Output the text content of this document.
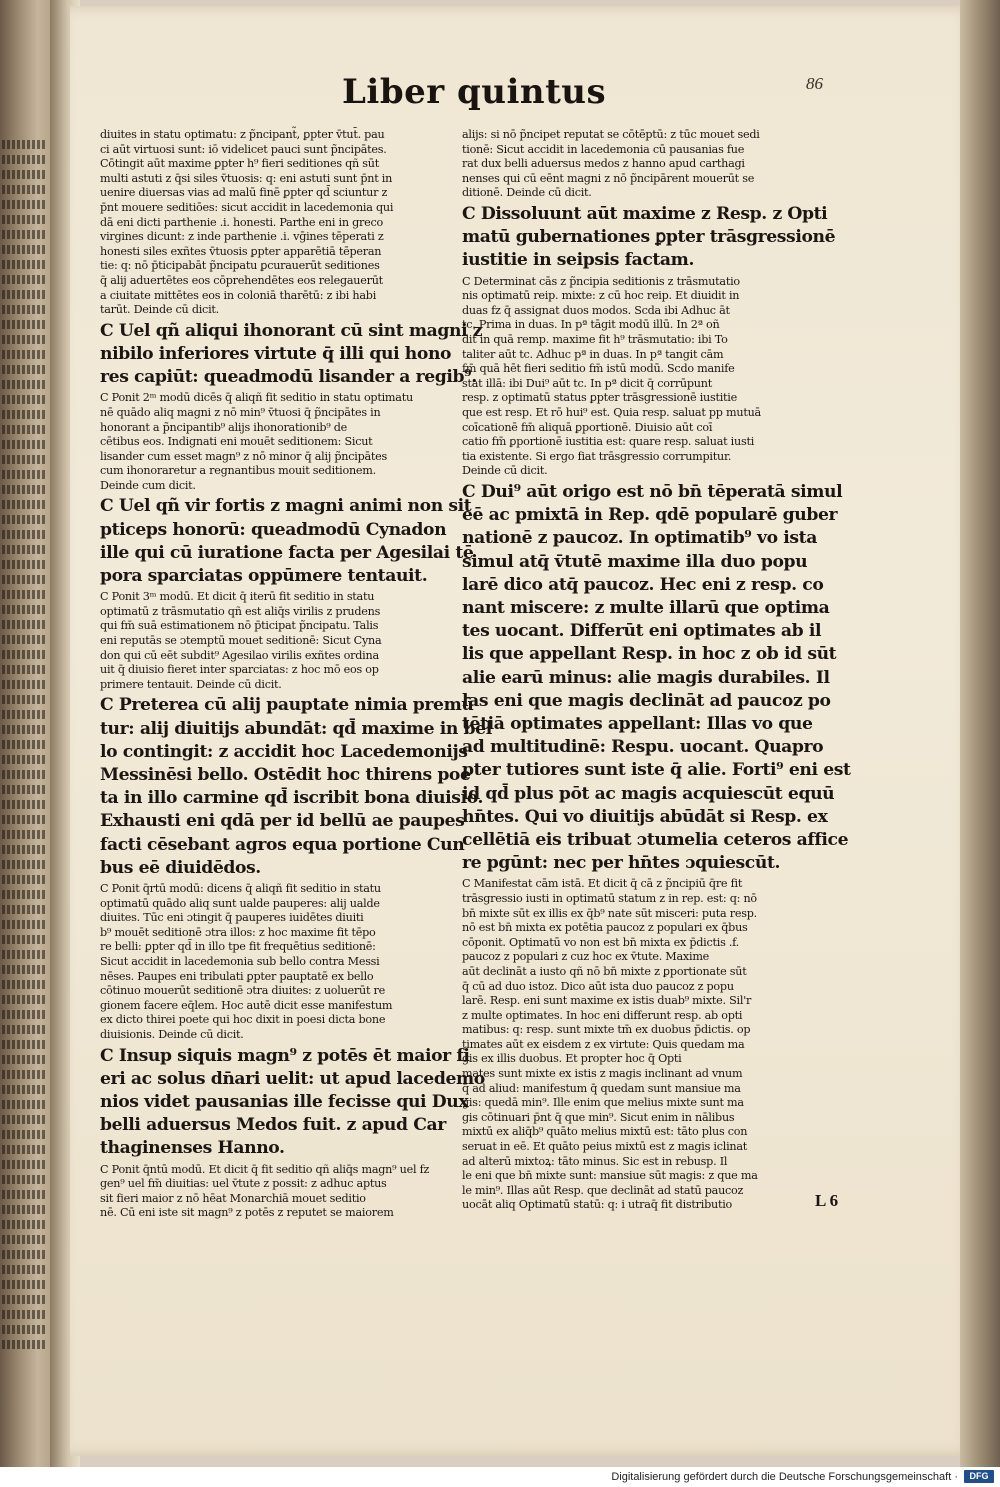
Liber quintus	86

diuites in statu optimatu: z p̃ncipant̃, ꝑpter v̄tut̄. pau

ci aūt virtuosi sunt: iō videlicet pauci sunt p̃ncipātes.

Cōtingit aūt maxime ꝑpter h⁹ fieri seditiones qñ sūt

multi astuti z q̄si siles v̄tuosis: q: eni astuti sunt p̄nt in

uenire diuersas vias ad malū finē ꝑpter qd̄ sciuntur z

p̄nt mouere seditiōes: sicut accidit in lacedemonia qui

dā eni dicti parthenie .i. honesti. Parthe eni in greco

virgines dicunt: z inde parthenie .i. vḡines tēperati z

honesti siles exñtes v̄tuosis ꝑpter apparētiā tēperan

tie: q: nō p̄ticipabāt p̃ncipatu ꝑcurauerūt seditiones

q̄ alij aduertētes eos cōprehendētes eos relegauerūt

a ciuitate mittētes eos in coloniā tharētū: z ibi habi

tarūt. Deinde cū dicit.

C Uel qñ aliqui ihonorant cū sint magni z

nibilo inferiores virtute q̄ illi qui hono

res capiūt: queadmodū lisander a regib⁹.

C Ponit 2ᵐ modū dicēs q̄ aliqñ fit seditio in statu optimatu

nē quādo aliq magni z nō min⁹ v̄tuosi q̄ p̃ncipātes in

honorant a p̃ncipantib⁹ alijs ihonorationib⁹ de

cētibus eos. Indignati eni mouēt seditionem: Sicut

lisander cum esset magn⁹ z nō minor q̄ alij p̃ncipātes

cum ihonoraretur a regnantibus mouit seditionem.

Deinde cum dicit.

C Uel qñ vir fortis z magni animi non sit

pticeps honorū: queadmodū Cynadon

ille qui cū iuratione facta per Agesilai tē

pora sparciatas oppūmere tentauit.

C Ponit 3ᵐ modū. Et dicit q̄ iterū fit seditio in statu

optimatū z trāsmutatio qñ est aliq̄s virilis z prudens

qui fm̄ suā estimationem nō p̄ticipat p̃ncipatu. Talis

eni reputās se ɔtemptū mouet seditionē: Sicut Cyna

don qui cū eēt subdit⁹ Agesilao virilis exñtes ordina

uit q̄ diuisio fieret inter sparciatas: z hoc mō eos op

primere tentauit. Deinde cū dicit.

C Preterea cū alij pauptate nimia premū

tur: alij diuitijs abundāt: qd̄ maxime in bel

lo contingit: z accidit hoc Lacedemonijs

Messinēsi bello. Ostēdit hoc thirens poe

ta in illo carmine qd̄ iscribit bona diuisio.

Exhausti eni qdā per id bellū ae paupes

facti cēsebant agros equa portione Cun

bus eē diuidēdos.

C Ponit q̄rtū modū: dicens q̄ aliqñ fit seditio in statu

optimatū quādo aliq sunt ualde pauperes: alij ualde

diuites. Tūc eni ɔtingit q̄ pauperes iuidētes diuiti

b⁹ mouēt seditionē ɔtra illos: z hoc maxime fit tēpo

re belli: ꝑpter qd̄ in illo tpe fit frequētius seditionē:

Sicut accidit in lacedemonia sub bello contra Messi

nēses. Paupes eni tribulati ꝑpter pauptatē ex bello

cōtinuo mouerūt seditionē ɔtra diuites: z uoluerūt re

gionem facere eq̄lem. Hoc autē dicit esse manifestum

ex dicto thirei poete qui hoc dixit in poesi dicta bone

diuisionis. Deinde cū dicit.

C Insup siquis magn⁹ z potēs ēt maior fi

eri ac solus dn̄ari uelit: ut apud lacedemo

nios videt pausanias ille fecisse qui Dux

belli aduersus Medos fuit. z apud Car

thaginenses Hanno.

C Ponit q̄ntū modū. Et dicit q̄ fit seditio qñ aliq̄s magn⁹ uel fz

gen⁹ uel fm̄ diuitias: uel v̄tute z possit: z adhuc aptus

sit fieri maior z nō hēat Monarchiā mouet seditio

nē. Cū eni iste sit magn⁹ z potēs z reputet se maiorem

alijs: si nō p̃ncipet reputat se cōtēptū: z tūc mouet sedi

tionē: Sicut accidit in lacedemonia cū pausanias fue

rat dux belli aduersus medos z hanno apud carthagi

nenses qui cū eēnt magni z nō p̃ncipārent mouerūt se

ditionē. Deinde cū dicit.

C Dissoluunt aūt maxime z Resp. z Opti

matū gubernationes ꝑpter trāsgressionē

iustitie in seipsis factam.

C Determinat cās z p̃ncipia seditionis z trāsmutatio

nis optimatū reip. mixte: z cū hoc reip. Et diuidit in

duas fz q̄ assignat duos modos. Scda ibi Adhuc āt

tc. Prima in duas. In pª tāgit modū illū. In 2ª oñ

dit in quā remp. maxime fit h⁹ trāsmutatio: ibi To

taliter aūt tc. Adhuc pª in duas. In pª tangit cām

fm̄ quā hēt fieri seditio fm̄ istū modū. Scdo manife

stat illā: ibi Dui⁹ aūt tc. In pª dicit q̄ corrūpunt

resp. z optimatū status ꝑpter trāsgressionē iustitie

que est resp. Et rō hui⁹ est. Quia resp. saluat pp mutuā

coīcationē fm̄ aliquā ꝑportionē. Diuisio aūt coī

catio fm̄ ꝑportionē iustitia est: quare resp. saluat iusti

tia existente. Si ergo fiat trāsgressio corrumpitur.

Deinde cū dicit.

C Dui⁹ aūt origo est nō bn̄ tēperatā simul

eē ac pmixtā in Rep. qdē popularē guber

nationē z paucoz. In optimatib⁹ vo ista

simul atq̄ v̄tutē maxime illa duo popu

larē dico atq̄ paucoz. Hec eni z resp. co

nant miscere: z multe illarū que optima

tes uocant. Differūt eni optimates ab il

lis que appellant Resp. in hoc z ob id sūt

alie earū minus: alie magis durabiles. Il

las eni que magis declināt ad paucoz po

tētiā optimates appellant: Illas vo que

ad multitudinē: Respu. uocant. Quapro

pter tutiores sunt iste q̄ alie. Forti⁹ eni est

id qd̄ plus pōt ac magis acquiescūt equū

hn̄tes. Qui vo diuitijs abūdāt si Resp. ex

cellētiā eis tribuat ɔtumelia ceteros affice

re pgūnt: nec per hn̄tes ɔquiescūt.

C Manifestat cām istā. Et dicit q̄ cā z p̃ncipiū q̄re fit

trāsgressio iusti in optimatū statum z in rep. est: q: nō

bn̄ mixte sūt ex illis ex q̄b⁹ nate sūt misceri: puta resp.

nō est bn̄ mixta ex potētia paucoz z populari ex q̄bus

cōponit. Optimatū vo non est bn̄ mixta ex p̄dictis .f.

paucoz z populari z cuz hoc ex v̄tute. Maxime

aūt declināt a iusto qñ nō bn̄ mixte z ꝑportionate sūt

q̄ cū ad duo istoz. Dico aūt ista duo paucoz z popu

larē. Resp. eni sunt maxime ex istis duab⁹ mixte. Sil'r

z multe optimates. In hoc eni differunt resp. ab opti

matibus: q: resp. sunt mixte tm̄ ex duobus p̄dictis. op

timates aūt ex eisdem z ex virtute: Quis quedam ma

gis ex illis duobus. Et propter hoc q̄ Opti

mates sunt mixte ex istis z magis inclinant ad vnum

q̄ ad aliud: manifestum q̄ quedam sunt mansiue ma

gis: quedā min⁹. Ille enim que melius mixte sunt ma

gis cōtinuari p̄nt q̄ que min⁹. Sicut enim in nālibus

mixtū ex aliq̄b⁹ quāto melius mixtū est: tāto plus con

seruat in eē. Et quāto peius mixtū est z magis iclinat

ad alterū mixtoꝝ: tāto minus. Sic est in rebusp. Il

le eni que bn̄ mixte sunt: mansiue sūt magis: z que ma

le min⁹. Illas aūt Resp. que declināt ad statū paucoz

uocāt aliq Optimatū statū: q: i utraq̄ fit distributio	L 6
Digitalisierung gefördert durch die Deutsche Forschungsgemeinschaft ·	DFG
